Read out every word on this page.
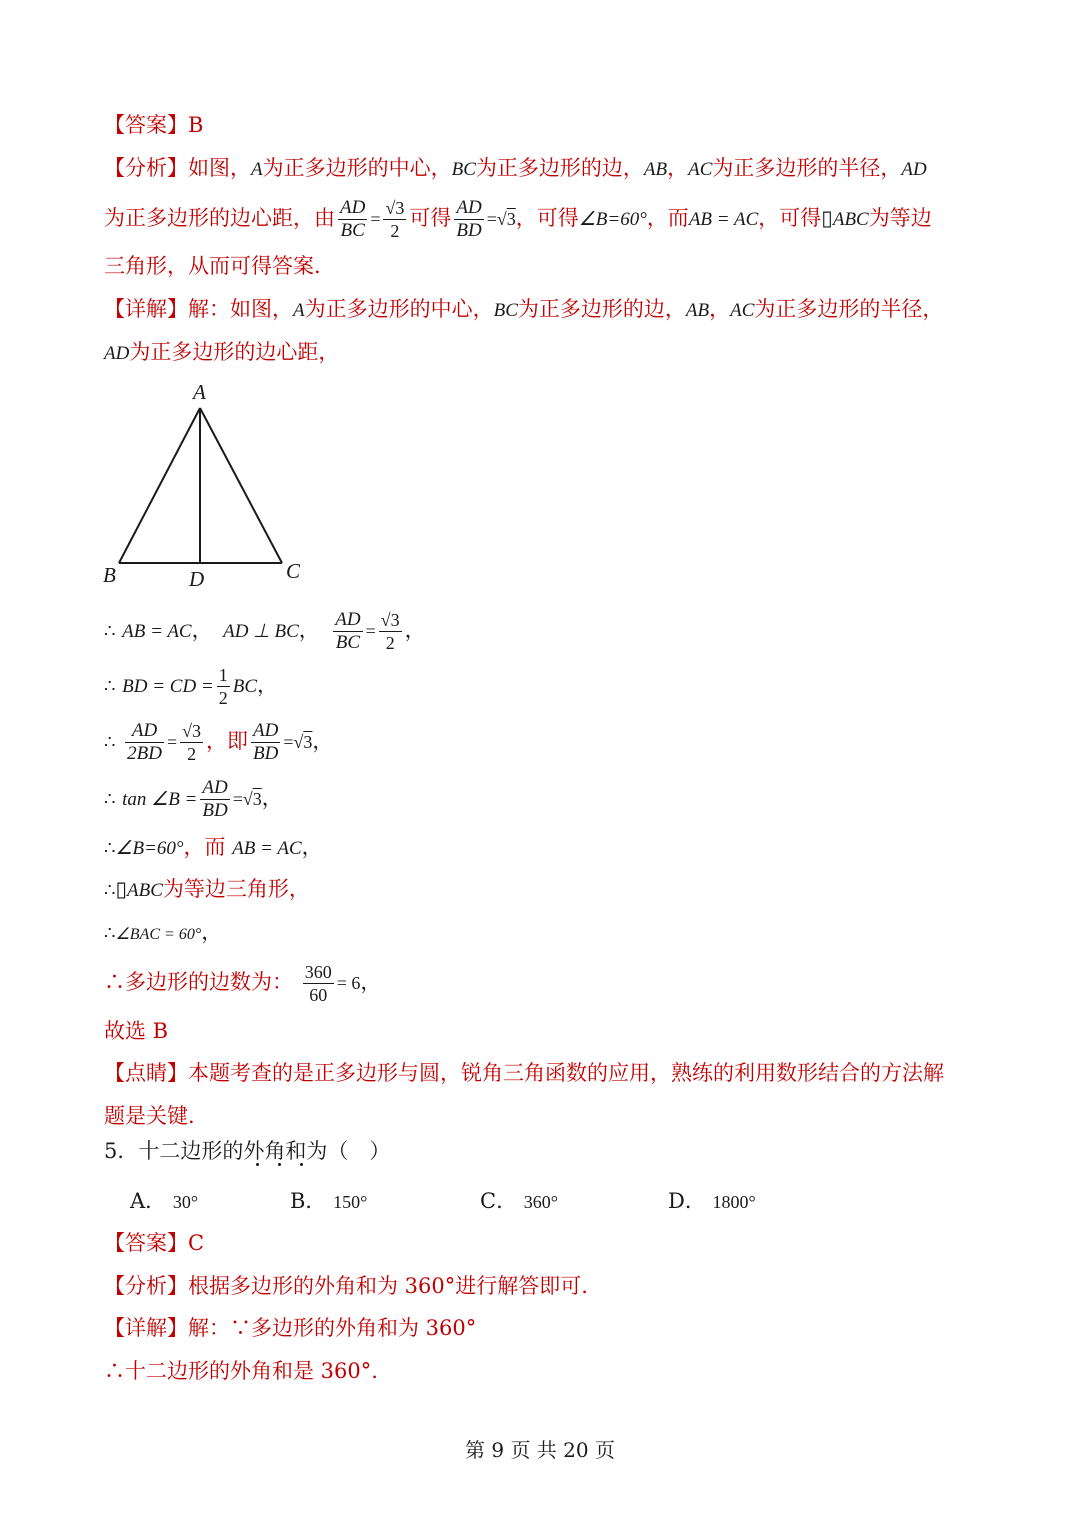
【答案】B
【分析】如图，A为正多边形的中心，BC为正多边形的边，AB，AC为正多边形的半径，AD
为正多边形的边心距，由 $\frac{AD}{BC} = \frac{√3}{2}$ 可得 $\frac{AD}{BD} =√3$，可得∠B=60°，而AB = AC，可得▯ABC为等边
三角形，从而可得答案.
【详解】解：如图，A为正多边形的中心，BC为正多边形的边，AB，AC为正多边形的半径，
AD为正多边形的边心距，
A
B	C
D
∴ AB = AC，　 AD ⊥ BC，　 $\frac{AD}{BC} = \frac{√3}{2}$ ，
∴ BD = CD = $\frac{1}{2}$ BC，
∴ $\frac{AD}{2BD} = \frac{√3}{2}$ ，即 $\frac{AD}{BD} =√3$，
∴ tan ∠B = $\frac{AD}{BD} =√3$，
∴∠B=60°，而 AB = AC，
∴▯ABC为等边三角形，
∴∠BAC = 60°，
∴多边形的边数为： $\frac{360}{60} = 6$，
故选 B
【点睛】本题考查的是正多边形与圆，锐角三角函数的应用，熟练的利用数形结合的方法解
题是关键.
5．十二边形的外角和为（　）
A． 30°	B． 150°	C． 360°	D． 1800°
【答案】C
【分析】根据多边形的外角和为 360°进行解答即可.
【详解】解：∵多边形的外角和为 360°
∴十二边形的外角和是 360°.
第 9 页 共 20 页
